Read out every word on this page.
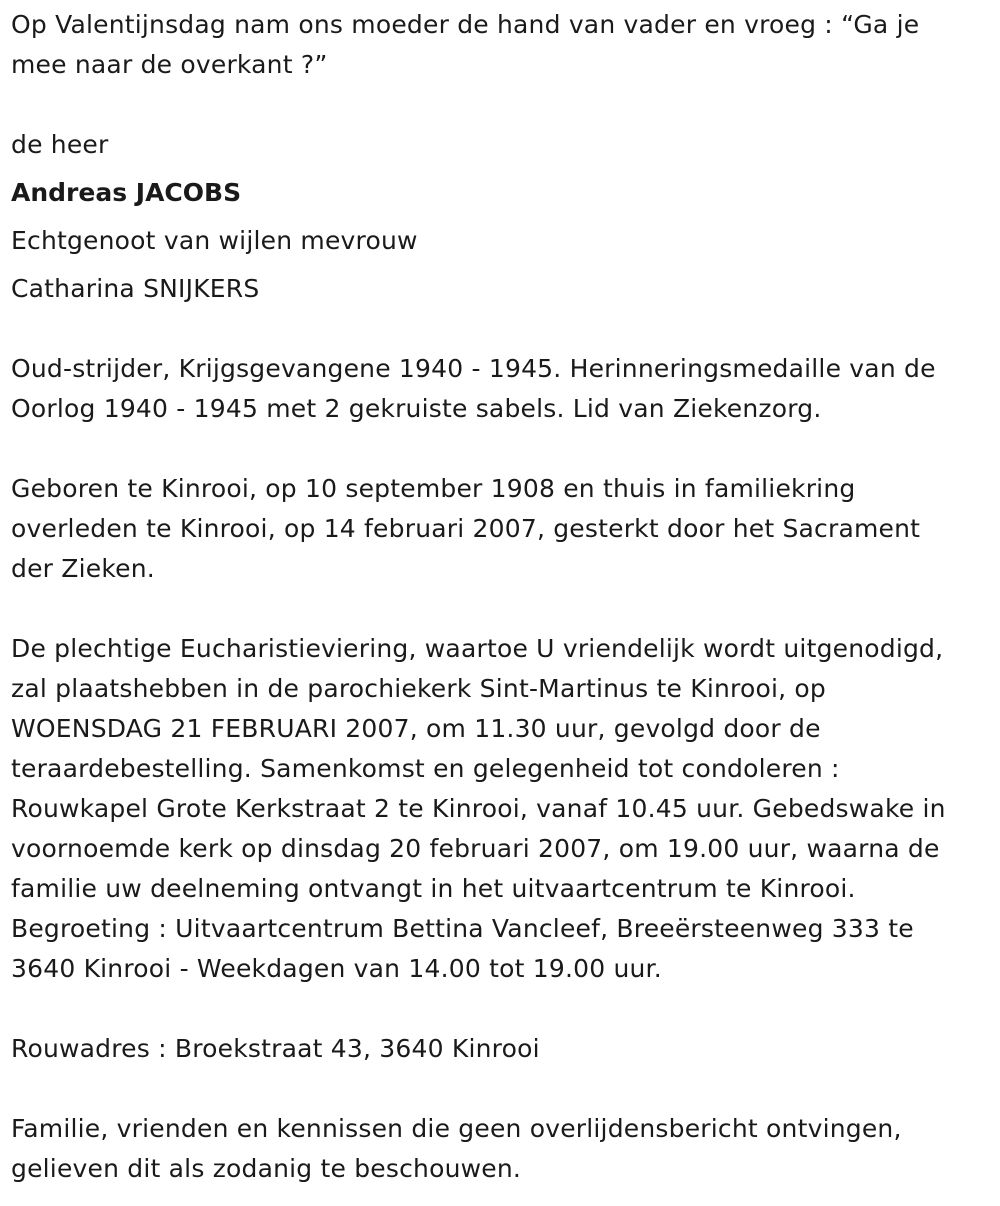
Op Valentijnsdag nam ons moeder de hand van vader en vroeg : “Ga je
mee naar de overkant ?”
de heer
Andreas JACOBS
Echtgenoot van wijlen mevrouw
Catharina SNIJKERS
Oud-strijder, Krijgsgevangene 1940 - 1945. Herinneringsmedaille van de
Oorlog 1940 - 1945 met 2 gekruiste sabels. Lid van Ziekenzorg.
Geboren te Kinrooi, op 10 september 1908 en thuis in familiekring
overleden te Kinrooi, op 14 februari 2007, gesterkt door het Sacrament
der Zieken.
De plechtige Eucharistieviering, waartoe U vriendelijk wordt uitgenodigd,
zal plaatshebben in de parochiekerk Sint-Martinus te Kinrooi, op
WOENSDAG 21 FEBRUARI 2007, om 11.30 uur, gevolgd door de
teraardebestelling. Samenkomst en gelegenheid tot condoleren :
Rouwkapel Grote Kerkstraat 2 te Kinrooi, vanaf 10.45 uur. Gebedswake in
voornoemde kerk op dinsdag 20 februari 2007, om 19.00 uur, waarna de
familie uw deelneming ontvangt in het uitvaartcentrum te Kinrooi.
Begroeting : Uitvaartcentrum Bettina Vancleef, Breeërsteenweg 333 te
3640 Kinrooi - Weekdagen van 14.00 tot 19.00 uur.
Rouwadres : Broekstraat 43, 3640 Kinrooi
Familie, vrienden en kennissen die geen overlijdensbericht ontvingen,
gelieven dit als zodanig te beschouwen.
